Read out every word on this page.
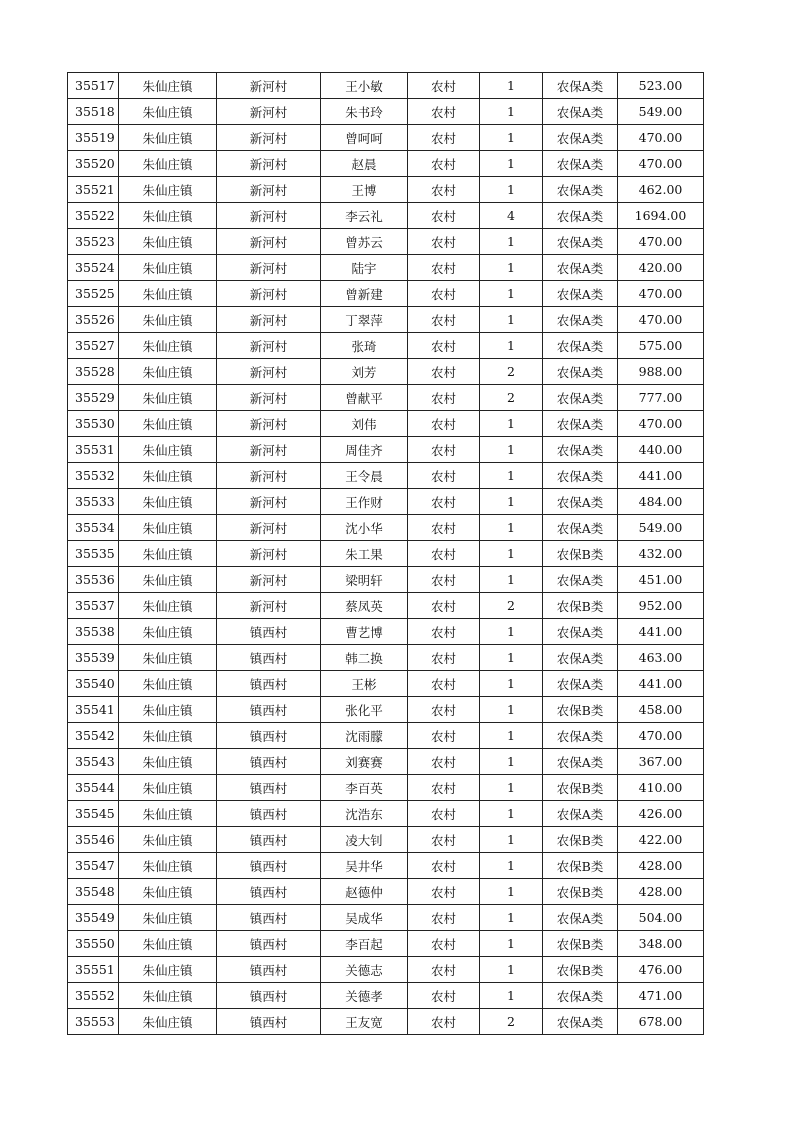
35517	朱仙庄镇	新河村	王小敏	农村	1	农保A类	523.00
35518	朱仙庄镇	新河村	朱书玲	农村	1	农保A类	549.00
35519	朱仙庄镇	新河村	曾呵呵	农村	1	农保A类	470.00
35520	朱仙庄镇	新河村	赵晨	农村	1	农保A类	470.00
35521	朱仙庄镇	新河村	王博	农村	1	农保A类	462.00
35522	朱仙庄镇	新河村	李云礼	农村	4	农保A类	1694.00
35523	朱仙庄镇	新河村	曾苏云	农村	1	农保A类	470.00
35524	朱仙庄镇	新河村	陆宇	农村	1	农保A类	420.00
35525	朱仙庄镇	新河村	曾新建	农村	1	农保A类	470.00
35526	朱仙庄镇	新河村	丁翠萍	农村	1	农保A类	470.00
35527	朱仙庄镇	新河村	张琦	农村	1	农保A类	575.00
35528	朱仙庄镇	新河村	刘芳	农村	2	农保A类	988.00
35529	朱仙庄镇	新河村	曾献平	农村	2	农保A类	777.00
35530	朱仙庄镇	新河村	刘伟	农村	1	农保A类	470.00
35531	朱仙庄镇	新河村	周佳齐	农村	1	农保A类	440.00
35532	朱仙庄镇	新河村	王令晨	农村	1	农保A类	441.00
35533	朱仙庄镇	新河村	王作财	农村	1	农保A类	484.00
35534	朱仙庄镇	新河村	沈小华	农村	1	农保A类	549.00
35535	朱仙庄镇	新河村	朱工果	农村	1	农保B类	432.00
35536	朱仙庄镇	新河村	梁明轩	农村	1	农保A类	451.00
35537	朱仙庄镇	新河村	蔡凤英	农村	2	农保B类	952.00
35538	朱仙庄镇	镇西村	曹艺博	农村	1	农保A类	441.00
35539	朱仙庄镇	镇西村	韩二换	农村	1	农保A类	463.00
35540	朱仙庄镇	镇西村	王彬	农村	1	农保A类	441.00
35541	朱仙庄镇	镇西村	张化平	农村	1	农保B类	458.00
35542	朱仙庄镇	镇西村	沈雨朦	农村	1	农保A类	470.00
35543	朱仙庄镇	镇西村	刘赛赛	农村	1	农保A类	367.00
35544	朱仙庄镇	镇西村	李百英	农村	1	农保B类	410.00
35545	朱仙庄镇	镇西村	沈浩东	农村	1	农保A类	426.00
35546	朱仙庄镇	镇西村	凌大钊	农村	1	农保B类	422.00
35547	朱仙庄镇	镇西村	吴井华	农村	1	农保B类	428.00
35548	朱仙庄镇	镇西村	赵德仲	农村	1	农保B类	428.00
35549	朱仙庄镇	镇西村	吴成华	农村	1	农保A类	504.00
35550	朱仙庄镇	镇西村	李百起	农村	1	农保B类	348.00
35551	朱仙庄镇	镇西村	关德志	农村	1	农保B类	476.00
35552	朱仙庄镇	镇西村	关德孝	农村	1	农保A类	471.00
35553	朱仙庄镇	镇西村	王友宽	农村	2	农保A类	678.00
